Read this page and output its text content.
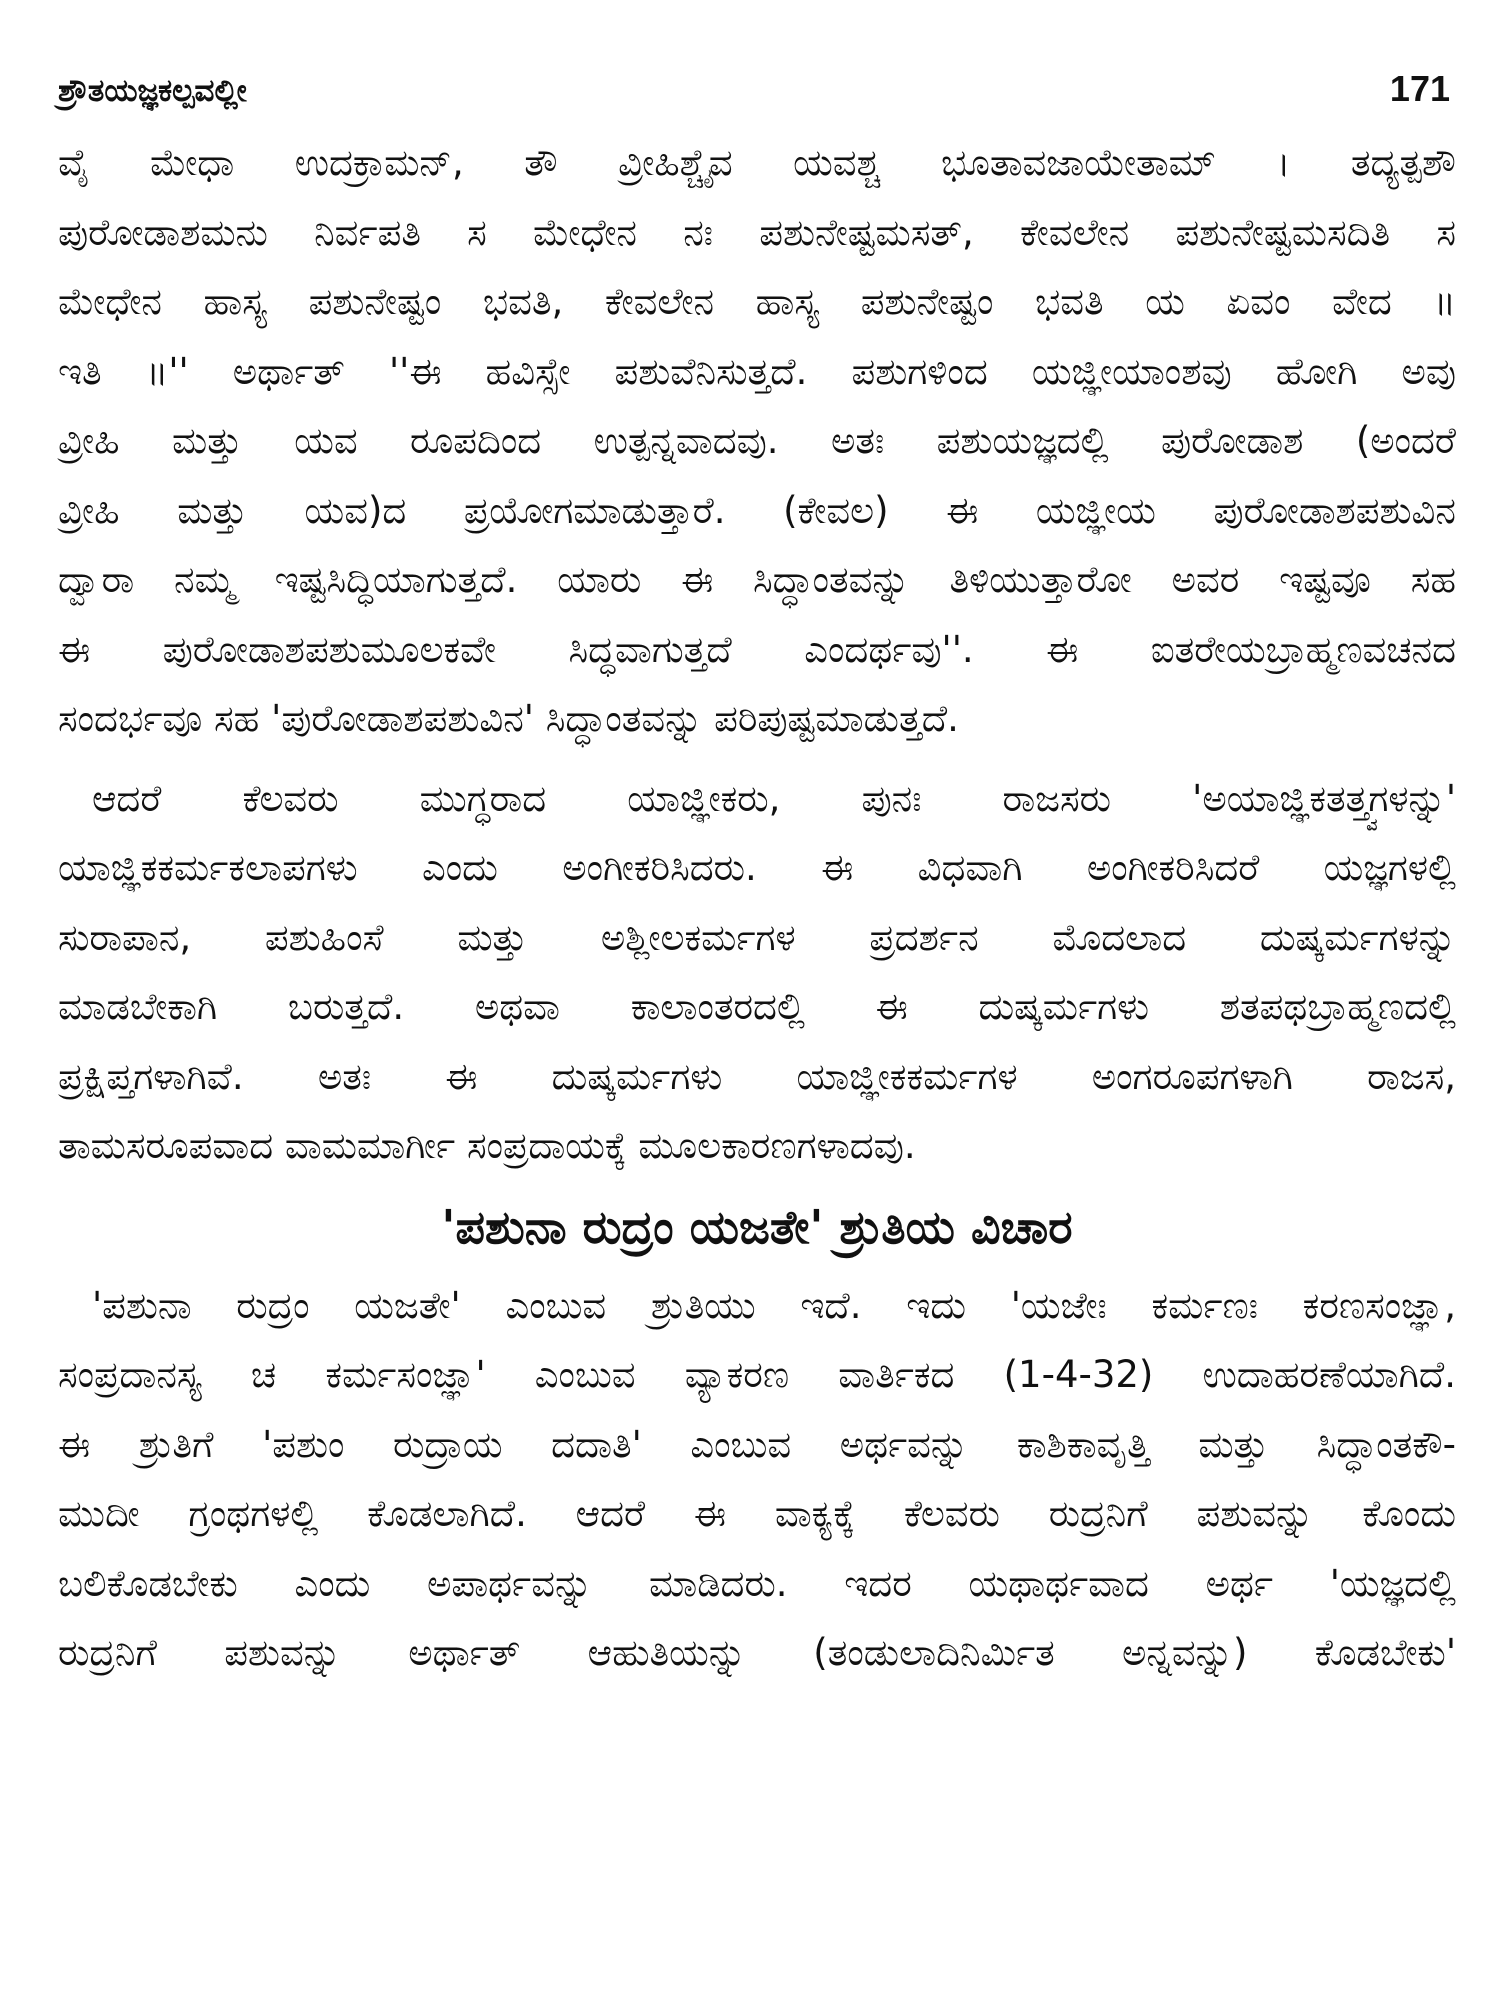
ಶ್ರೌತಯಜ್ಞಕಲ್ಪವಲ್ಲೀ	171
ವೈ ಮೇಧಾ ಉದಕ್ರಾಮನ್, ತೌ ವ್ರೀಹಿಶ್ಚೈವ ಯವಶ್ಚ ಭೂತಾವಜಾಯೇತಾಮ್ । ತದ್ಯತ್ಪಶೌ
ಪುರೋಡಾಶಮನು ನಿರ್ವಪತಿ ಸ ಮೇಧೇನ ನಃ ಪಶುನೇಷ್ಟಮಸತ್, ಕೇವಲೇನ ಪಶುನೇಷ್ಟಮಸದಿತಿ ಸ
ಮೇಧೇನ ಹಾಸ್ಯ ಪಶುನೇಷ್ಟಂ ಭವತಿ, ಕೇವಲೇನ ಹಾಸ್ಯ ಪಶುನೇಷ್ಟಂ ಭವತಿ ಯ ಏವಂ ವೇದ ॥
ಇತಿ ॥'' ಅರ್ಥಾತ್ ''ಈ ಹವಿಸ್ಸೇ ಪಶುವೆನಿಸುತ್ತದೆ. ಪಶುಗಳಿಂದ ಯಜ್ಞೀಯಾಂಶವು ಹೋಗಿ ಅವು
ವ್ರೀಹಿ ಮತ್ತು ಯವ ರೂಪದಿಂದ ಉತ್ಪನ್ನವಾದವು. ಅತಃ ಪಶುಯಜ್ಞದಲ್ಲಿ ಪುರೋಡಾಶ (ಅಂದರೆ
ವ್ರೀಹಿ ಮತ್ತು ಯವ)ದ ಪ್ರಯೋಗಮಾಡುತ್ತಾರೆ. (ಕೇವಲ) ಈ ಯಜ್ಞೀಯ ಪುರೋಡಾಶಪಶುವಿನ
ದ್ವಾರಾ ನಮ್ಮ ಇಷ್ಟಸಿದ್ಧಿಯಾಗುತ್ತದೆ. ಯಾರು ಈ ಸಿದ್ಧಾಂತವನ್ನು ತಿಳಿಯುತ್ತಾರೋ ಅವರ ಇಷ್ಟವೂ ಸಹ
ಈ ಪುರೋಡಾಶಪಶುಮೂಲಕವೇ ಸಿದ್ಧವಾಗುತ್ತದೆ ಎಂದರ್ಥವು''. ಈ ಐತರೇಯಬ್ರಾಹ್ಮಣವಚನದ
ಸಂದರ್ಭವೂ ಸಹ 'ಪುರೋಡಾಶಪಶುವಿನ' ಸಿದ್ಧಾಂತವನ್ನು ಪರಿಪುಷ್ಟಮಾಡುತ್ತದೆ.
ಆದರೆ ಕೆಲವರು ಮುಗ್ಧರಾದ ಯಾಜ್ಞೀಕರು, ಪುನಃ ರಾಜಸರು 'ಅಯಾಜ್ಞಿಕತತ್ತ್ವಗಳನ್ನು'
ಯಾಜ್ಞಿಕಕರ್ಮಕಲಾಪಗಳು ಎಂದು ಅಂಗೀಕರಿಸಿದರು. ಈ ವಿಧವಾಗಿ ಅಂಗೀಕರಿಸಿದರೆ ಯಜ್ಞಗಳಲ್ಲಿ
ಸುರಾಪಾನ, ಪಶುಹಿಂಸೆ ಮತ್ತು ಅಶ್ಲೀಲಕರ್ಮಗಳ ಪ್ರದರ್ಶನ ಮೊದಲಾದ ದುಷ್ಕರ್ಮಗಳನ್ನು
ಮಾಡಬೇಕಾಗಿ ಬರುತ್ತದೆ. ಅಥವಾ ಕಾಲಾಂತರದಲ್ಲಿ ಈ ದುಷ್ಕರ್ಮಗಳು ಶತಪಥಬ್ರಾಹ್ಮಣದಲ್ಲಿ
ಪ್ರಕ್ಷಿಪ್ತಗಳಾಗಿವೆ. ಅತಃ ಈ ದುಷ್ಕರ್ಮಗಳು ಯಾಜ್ಞೀಕಕರ್ಮಗಳ ಅಂಗರೂಪಗಳಾಗಿ ರಾಜಸ,
ತಾಮಸರೂಪವಾದ ವಾಮಮಾರ್ಗೀ ಸಂಪ್ರದಾಯಕ್ಕೆ ಮೂಲಕಾರಣಗಳಾದವು.
'ಪಶುನಾ ರುದ್ರಂ ಯಜತೇ' ಶ್ರುತಿಯ ವಿಚಾರ
'ಪಶುನಾ ರುದ್ರಂ ಯಜತೇ' ಎಂಬುವ ಶ್ರುತಿಯು ಇದೆ. ಇದು 'ಯಜೇಃ ಕರ್ಮಣಃ ಕರಣಸಂಜ್ಞಾ,
ಸಂಪ್ರದಾನಸ್ಯ ಚ ಕರ್ಮಸಂಜ್ಞಾ' ಎಂಬುವ ವ್ಯಾಕರಣ ವಾರ್ತಿಕದ (1-4-32) ಉದಾಹರಣೆಯಾಗಿದೆ.
ಈ ಶ್ರುತಿಗೆ 'ಪಶುಂ ರುದ್ರಾಯ ದದಾತಿ' ಎಂಬುವ ಅರ್ಥವನ್ನು ಕಾಶಿಕಾವೃತ್ತಿ ಮತ್ತು ಸಿದ್ಧಾಂತಕೌ-
ಮುದೀ ಗ್ರಂಥಗಳಲ್ಲಿ ಕೊಡಲಾಗಿದೆ. ಆದರೆ ಈ ವಾಕ್ಯಕ್ಕೆ ಕೆಲವರು ರುದ್ರನಿಗೆ ಪಶುವನ್ನು ಕೊಂದು
ಬಲಿಕೊಡಬೇಕು ಎಂದು ಅಪಾರ್ಥವನ್ನು ಮಾಡಿದರು. ಇದರ ಯಥಾರ್ಥವಾದ ಅರ್ಥ 'ಯಜ್ಞದಲ್ಲಿ
ರುದ್ರನಿಗೆ ಪಶುವನ್ನು ಅರ್ಥಾತ್ ಆಹುತಿಯನ್ನು (ತಂಡುಲಾದಿನಿರ್ಮಿತ ಅನ್ನವನ್ನು) ಕೊಡಬೇಕು'
